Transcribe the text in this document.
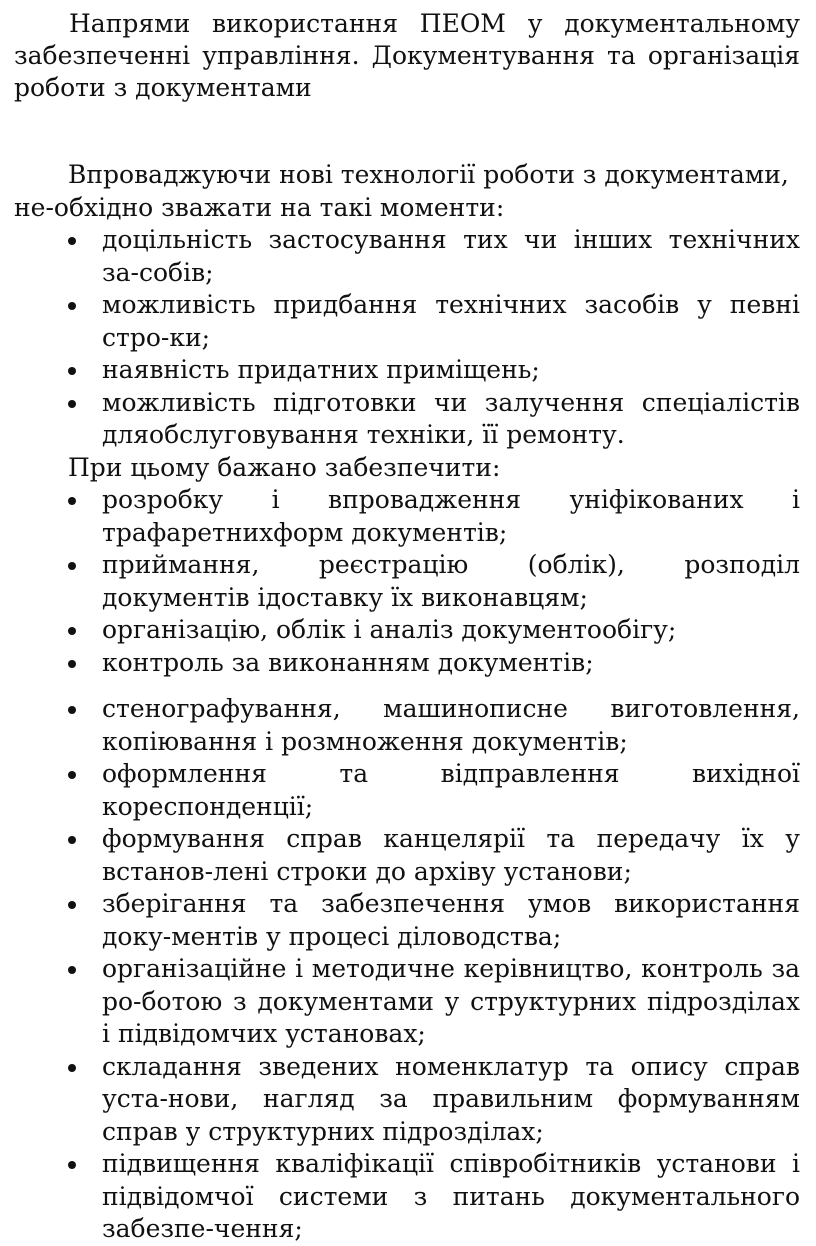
Напрями використання ПЕОМ у документальному забезпеченні управління. Документування та організація роботи з документами

Впроваджуючи нові технології роботи з документами, не-обхідно зважати на такі моменти:

доцільність застосування тих чи інших технічних за-собів;
можливість придбання технічних засобів у певні стро-ки;
наявність придатних приміщень;
можливість підготовки чи залучення спеціалістів дляобслуговування техніки, її ремонту.

При цьому бажано забезпечити:

розробку і впровадження уніфікованих і трафаретнихформ документів;
приймання, реєстрацію (облік), розподіл документів ідоставку їх виконавцям;
організацію, облік і аналіз документообігу;
контроль за виконанням документів;
стенографування, машинописне виготовлення, копіювання і розмноження документів;
оформлення та відправлення вихідної кореспонденції;
формування справ канцелярії та передачу їх у встанов-лені строки до архіву установи;
зберігання та забезпечення умов використання доку-ментів у процесі діловодства;
організаційне і методичне керівництво, контроль за ро-ботою з документами у структурних підрозділах і підвідомчих установах;
складання зведених номенклатур та опису справ уста-нови, нагляд за правильним формуванням справ у структурних підрозділах;
підвищення кваліфікації співробітників установи і підвідомчої системи з питань документального забезпе-чення;
